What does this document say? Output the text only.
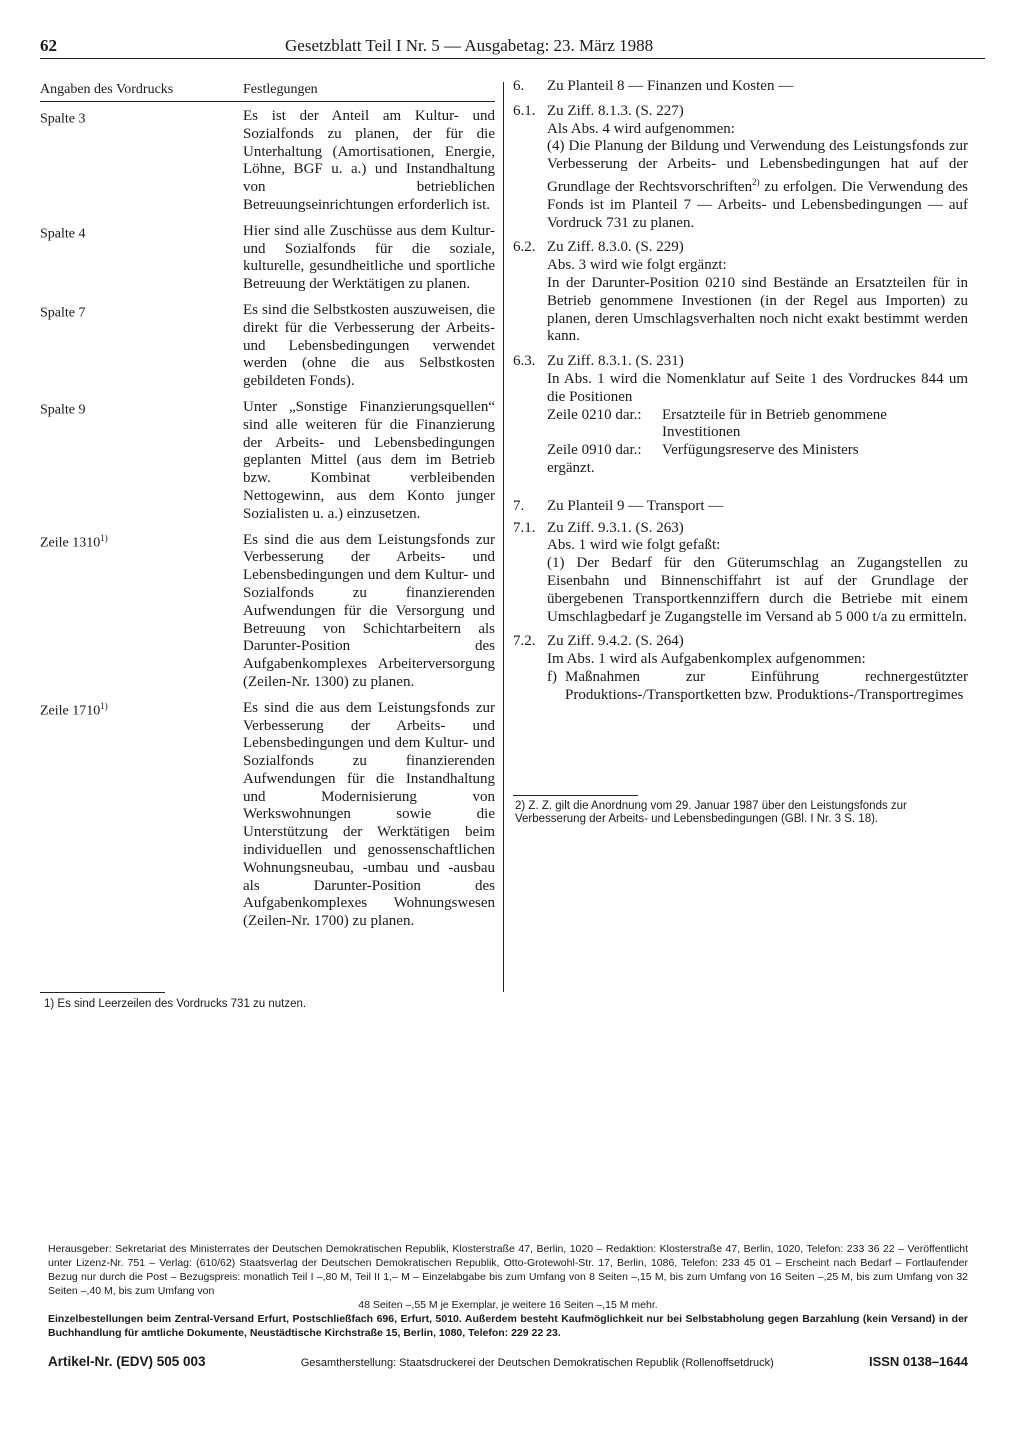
62	Gesetzblatt Teil I Nr. 5 — Ausgabetag: 23. März 1988
Angaben des Vordrucks	Festlegungen
Spalte 3	Es ist der Anteil am Kultur- und Sozialfonds zu planen, der für die Unterhaltung (Amortisationen, Energie, Löhne, BGF u. a.) und Instandhaltung von betrieblichen Betreuungseinrichtungen erforderlich ist.
Spalte 4	Hier sind alle Zuschüsse aus dem Kultur- und Sozialfonds für die soziale, kulturelle, gesundheitliche und sportliche Betreuung der Werktätigen zu planen.
Spalte 7	Es sind die Selbstkosten auszuweisen, die direkt für die Verbesserung der Arbeits- und Lebensbedingungen verwendet werden (ohne die aus Selbstkosten gebildeten Fonds).
Spalte 9	Unter „Sonstige Finanzierungsquellen“ sind alle weiteren für die Finanzierung der Arbeits- und Lebensbedingungen geplanten Mittel (aus dem im Betrieb bzw. Kombinat verbleibenden Nettogewinn, aus dem Konto junger Sozialisten u. a.) einzusetzen.
Zeile 1310$^{1)}$	Es sind die aus dem Leistungsfonds zur Verbesserung der Arbeits- und Lebensbedingungen und dem Kultur- und Sozialfonds zu finanzierenden Aufwendungen für die Versorgung und Betreuung von Schichtarbeitern als Darunter-Position des Aufgabenkomplexes Arbeiterversorgung (Zeilen-Nr. 1300) zu planen.
Zeile 1710$^{1)}$	Es sind die aus dem Leistungsfonds zur Verbesserung der Arbeits- und Lebensbedingungen und dem Kultur- und Sozialfonds zu finanzierenden Aufwendungen für die Instandhaltung und Modernisierung von Werkswohnungen sowie die Unterstützung der Werktätigen beim individuellen und genossenschaftlichen Wohnungsneubau, -umbau und -ausbau als Darunter-Position des Aufgabenkomplexes Wohnungswesen (Zeilen-Nr. 1700) zu planen.
6.	Zu Planteil 8 — Finanzen und Kosten —
6.1. Zu Ziff. 8.1.3. (S. 227)
Als Abs. 4 wird aufgenommen:
(4) Die Planung der Bildung und Verwendung des Leistungsfonds zur Verbesserung der Arbeits- und Lebensbedingungen hat auf der Grundlage der Rechtsvorschriften$^{2)}$ zu erfolgen. Die Verwendung des Fonds ist im Planteil 7 — Arbeits- und Lebensbedingungen — auf Vordruck 731 zu planen.
6.2. Zu Ziff. 8.3.0. (S. 229)
Abs. 3 wird wie folgt ergänzt:
In der Darunter-Position 0210 sind Bestände an Ersatzteilen für in Betrieb genommene Investionen (in der Regel aus Importen) zu planen, deren Umschlagsverhalten noch nicht exakt bestimmt werden kann.
6.3. Zu Ziff. 8.3.1. (S. 231)
In Abs. 1 wird die Nomenklatur auf Seite 1 des Vordruckes 844 um die Positionen
Zeile 0210 dar.:	Ersatzteile für in Betrieb genommene Investitionen
Zeile 0910 dar.:	Verfügungsreserve des Ministers
ergänzt.
7.	Zu Planteil 9 — Transport —
7.1. Zu Ziff. 9.3.1. (S. 263)
Abs. 1 wird wie folgt gefaßt:
(1) Der Bedarf für den Güterumschlag an Zugangstellen zu Eisenbahn und Binnenschiffahrt ist auf der Grundlage der übergebenen Transportkennziffern durch die Betriebe mit einem Umschlagbedarf je Zugangstelle im Versand ab 5 000 t/a zu ermitteln.
7.2. Zu Ziff. 9.4.2. (S. 264)
Im Abs. 1 wird als Aufgabenkomplex aufgenommen:
f) Maßnahmen zur Einführung rechnergestützter Produktions-/Transportketten bzw. Produktions-/Transportregimes
2) Z. Z. gilt die Anordnung vom 29. Januar 1987 über den Leistungsfonds zur Verbesserung der Arbeits- und Lebensbedingungen (GBl. I Nr. 3 S. 18).
1) Es sind Leerzeilen des Vordrucks 731 zu nutzen.

Herausgeber: Sekretariat des Ministerrates der Deutschen Demokratischen Republik, Klosterstraße 47, Berlin, 1020 – Redaktion: Klosterstraße 47, Berlin, 1020, Telefon: 233 36 22 – Veröffentlicht unter Lizenz-Nr. 751 – Verlag: (610/62) Staatsverlag der Deutschen Demokratischen Republik, Otto-Grotewohl-Str. 17, Berlin, 1086, Telefon: 233 45 01 – Erscheint nach Bedarf – Fortlaufender Bezug nur durch die Post – Bezugspreis: monatlich Teil I –,80 M, Teil II 1,– M – Einzelabgabe bis zum Umfang von 8 Seiten –,15 M, bis zum Umfang von 16 Seiten –,25 M, bis zum Umfang von 32 Seiten –,40 M, bis zum Umfang von

48 Seiten –,55 M je Exemplar, je weitere 16 Seiten –,15 M mehr.

Einzelbestellungen beim Zentral-Versand Erfurt, Postschließfach 696, Erfurt, 5010. Außerdem besteht Kaufmöglichkeit nur bei Selbstabholung gegen Barzahlung (kein Versand) in der Buchhandlung für amtliche Dokumente, Neustädtische Kirchstraße 15, Berlin, 1080, Telefon: 229 22 23.

Artikel-Nr. (EDV) 505 003	Gesamtherstellung: Staatsdruckerei der Deutschen Demokratischen Republik (Rollenoffsetdruck)	ISSN 0138–1644
